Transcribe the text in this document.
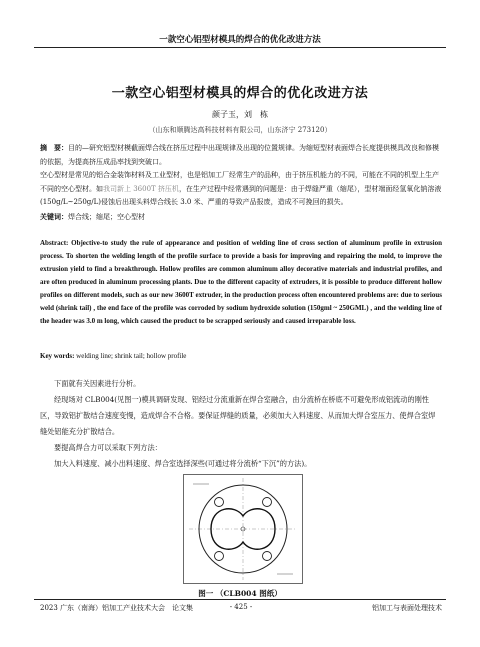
一款空心铝型材模具的焊合的优化改进方法
一款空心铝型材模具的焊合的优化改进方法
颜子玉，刘　栋
（山东和顺腾达高科技材料有限公司，山东济宁 273120）
摘　要：目的—研究铝型材模截面焊合线在挤压过程中出现规律及出现的位置规律。为缩短型材表面焊合长度提供模具改良和修模的依据，为提高挤压成品率找到突破口。
空心型材是常见的铝合金装饰材料及工业型材，也是铝加工厂经常生产的品种，由于挤压机能力的不同，可能在不同的机型上生产不同的空心型材。如我司新上 3600T 挤压机，在生产过程中经常遇到的问题是：由于焊缝严重（缩尾），型材端面经氢氧化钠溶液(150g/L~250g/L)侵蚀后出现头料焊合线长 3.0 米、严重的导致产品报废，造成不可挽回的损失。
关键词：焊合线；缩尾；空心型材
Abstract: Objective-to study the rule of appearance and position of welding line of cross section of aluminum profile in extrusion process. To shorten the welding length of the profile surface to provide a basis for improving and repairing the mold, to improve the extrusion yield to find a breakthrough. Hollow profiles are common aluminum alloy decorative materials and industrial profiles, and are often produced in aluminum processing plants. Due to the different capacity of extruders, it is possible to produce different hollow profiles on different models, such as our new 3600T extruder, in the production process often encountered problems are: due to serious weld (shrink tail) , the end face of the profile was corroded by sodium hydroxide solution (150gml ~ 250GML) , and the welding line of the header was 3.0 m long, which caused the product to be scrapped seriously and caused irreparable loss.
Key words: welding line; shrink tail; hollow profile
下面就有关因素进行分析。
经现场对 CLB004(见图一)模具调研发现、铝经过分流重新在焊合室融合，由分流桥在桥底不可避免形成铝流动的刚性区，导致铝扩散结合速度变慢，造成焊合不合格。要保证焊缝的质量，必须加大入料速度、从而加大焊合室压力、使焊合室焊缝处铝能充分扩散结合。
要提高焊合力可以采取下列方法：
加大入料速度、减小出料速度、焊合室选择深些(可通过将分流桥“下沉”的方法)。
图一 （CLB004 图纸）
2023 广东（南海）铝加工产业技术大会　论文集	- 425 -	铝加工与表面处理技术
